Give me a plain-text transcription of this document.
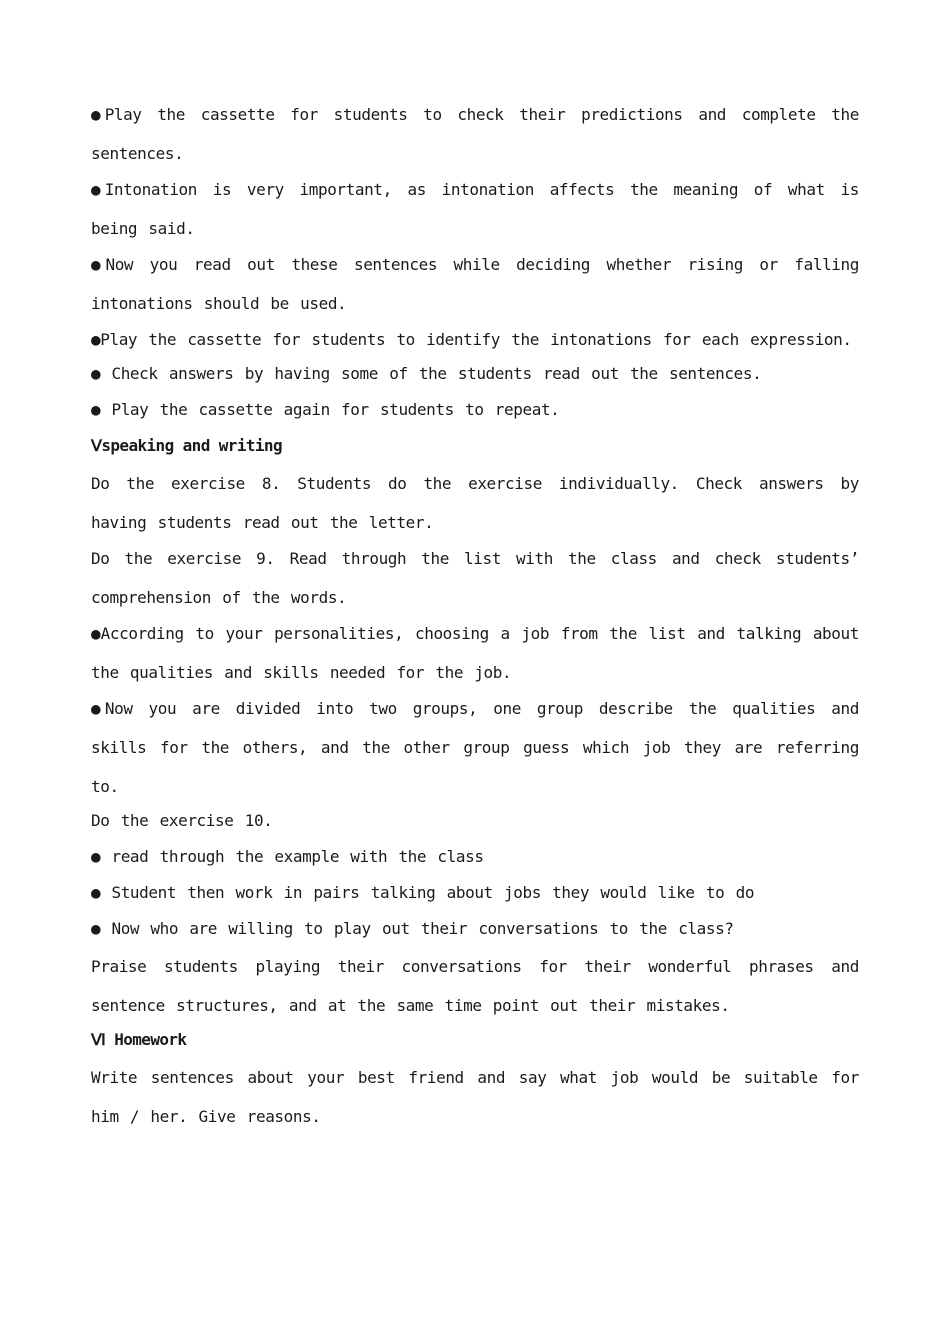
●Play the cassette for students to check their predictions and complete the sentences.

●Intonation is very important, as intonation affects the meaning of what is being said.

●Now you read out these sentences while deciding whether rising or falling intonations should be used.

●Play the cassette for students to identify the intonations for each expression.

● Check answers by having some of the students read out the sentences.

● Play the cassette again for students to repeat.

Ⅴspeaking and writing

Do the exercise 8. Students do the exercise individually. Check answers by having students read out the letter.

Do the exercise 9. Read through the list with the class and check students’ comprehension of the words.

●According to your personalities, choosing a job from the list and talking about the qualities and skills needed for the job.

●Now you are divided into two groups, one group describe the qualities and skills for the others, and the other group guess which job they are referring to.

Do the exercise 10.

● read through the example with the class

● Student then work in pairs talking about jobs they would like to do

● Now who are willing to play out their conversations to the class?

Praise students playing their conversations for their wonderful phrases and sentence structures, and at the same time point out their mistakes.

Ⅵ Homework

Write sentences about your best friend and say what job would be suitable for him / her. Give reasons.
